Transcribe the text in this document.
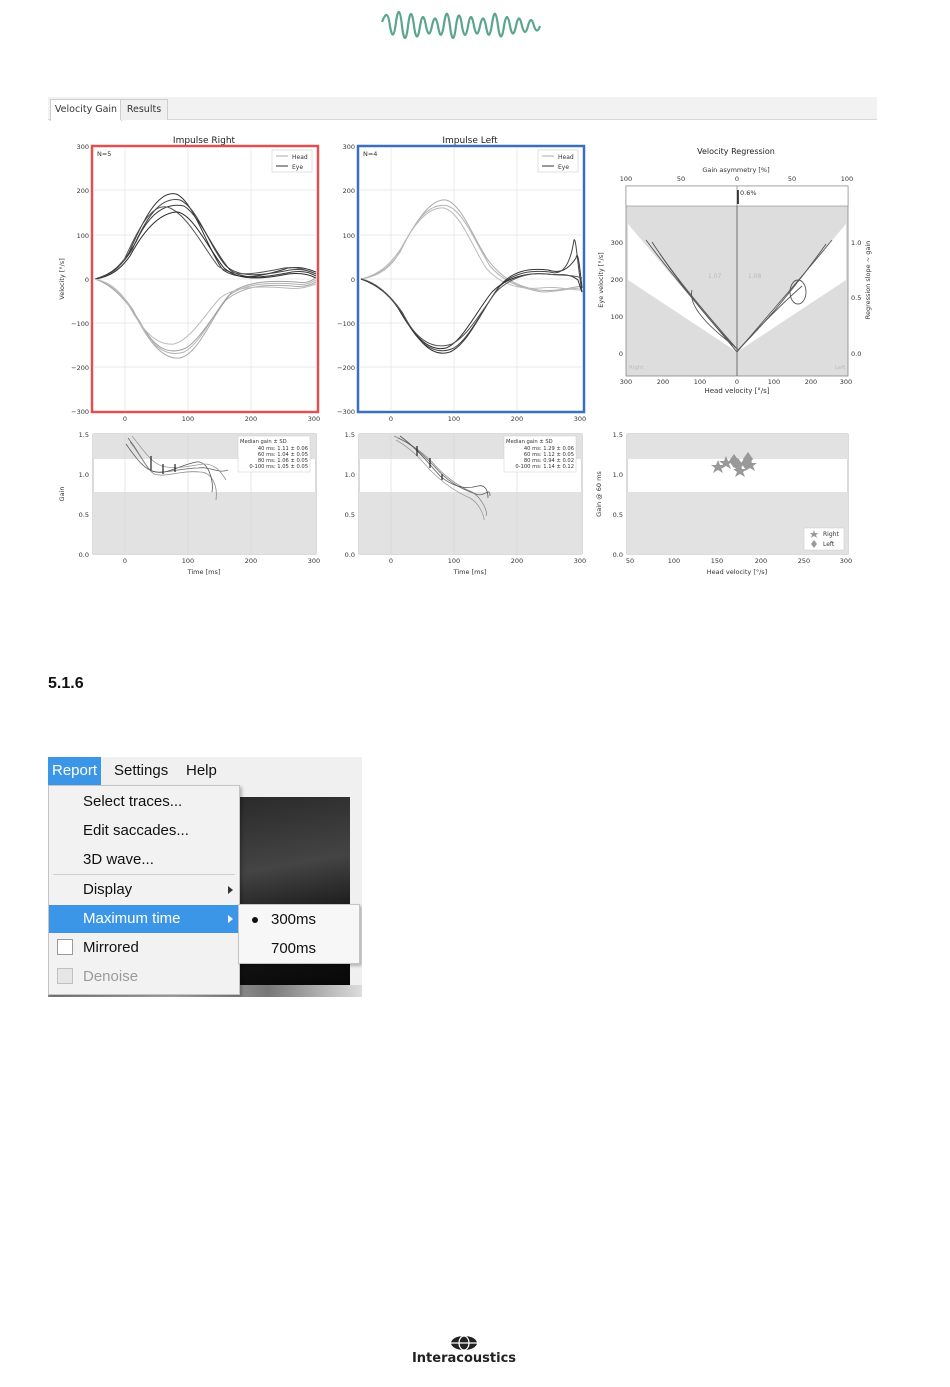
Velocity Gain	Results
Impulse Right
N=5	Head
Eye
300
200
100
0
−100
−200
−300
0	100	200	300
Velocity [°/s]
Impulse Left
N=4	Head
Eye
300
200
100
0
−100
−200
−300
0	100	200	300
Velocity Regression
Gain asymmetry [%]
100	50	0	50	100
0.6%
1.07	1.08
Right	Left
300
200
100
0
1.0
0.5
0.0
300	200	100	0	100	200	300
Head velocity [°/s]
Eye velocity [°/s]	Regression slope ~ gain
Median gain ± SD
40 ms: 1.11 ± 0.06
60 ms: 1.04 ± 0.05
80 ms: 1.06 ± 0.05
0-100 ms: 1.05 ± 0.05
1.5
1.0
0.5
0.0
0	100	200	300
Time [ms]
Gain
Median gain ± SD
40 ms: 1.29 ± 0.06
60 ms: 1.12 ± 0.05
80 ms: 0.94 ± 0.02
0-100 ms: 1.14 ± 0.12
1.5
1.0
0.5
0.0
0	100	200	300
Time [ms]
Right
Left
1.5
1.0
0.5
0.0
50	100	150	200	250	300
Head velocity [°/s]
Gain @ 60 ms
5.1.6
Report Settings Help
Select traces...
Edit saccades...
3D wave...
Display
Maximum time
Mirrored
Denoise
300ms
700ms
Interacoustics
